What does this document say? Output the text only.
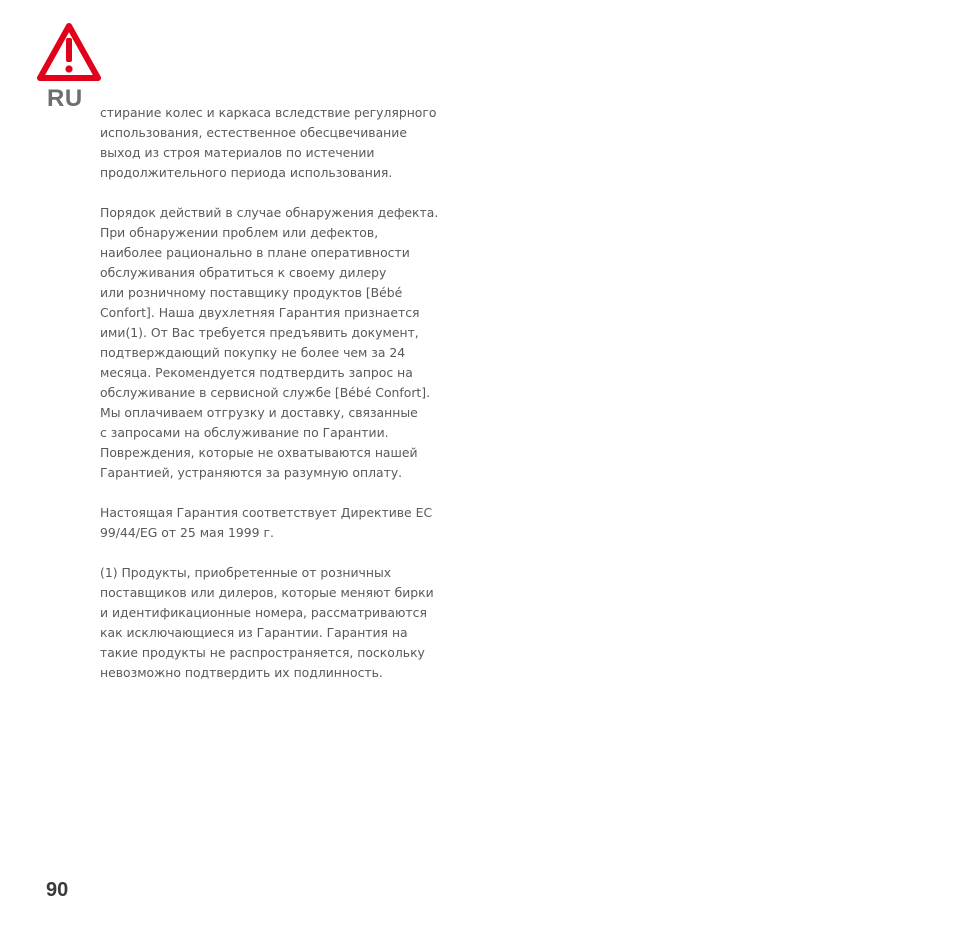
RU

стирание колес и каркаса вследствие регулярного
использования, естественное обесцвечивание
выход из строя материалов по истечении
продолжительного периода использования.

Порядок действий в случае обнаружения дефекта.
При обнаружении проблем или дефектов,
наиболее рационально в плане оперативности
обслуживания обратиться к своему дилеру
или розничному поставщику продуктов [Bébé
Confort]. Наша двухлетняя Гарантия признается
ими(1). От Вас требуется предъявить документ,
подтверждающий покупку не более чем за 24
месяца. Рекомендуется подтвердить запрос на
обслуживание в сервисной службе [Bébé Confort].
Мы оплачиваем отгрузку и доставку, связанные
с запросами на обслуживание по Гарантии.
Повреждения, которые не охватываются нашей
Гарантией, устраняются за разумную оплату.

Настоящая Гарантия соответствует Директиве ЕС
99/44/EG от 25 мая 1999 г.

(1) Продукты, приобретенные от розничных
поставщиков или дилеров, которые меняют бирки
и идентификационные номера, рассматриваются
как исключающиеся из Гарантии. Гарантия на
такие продукты не распространяется, поскольку
невозможно подтвердить их подлинность.

90
